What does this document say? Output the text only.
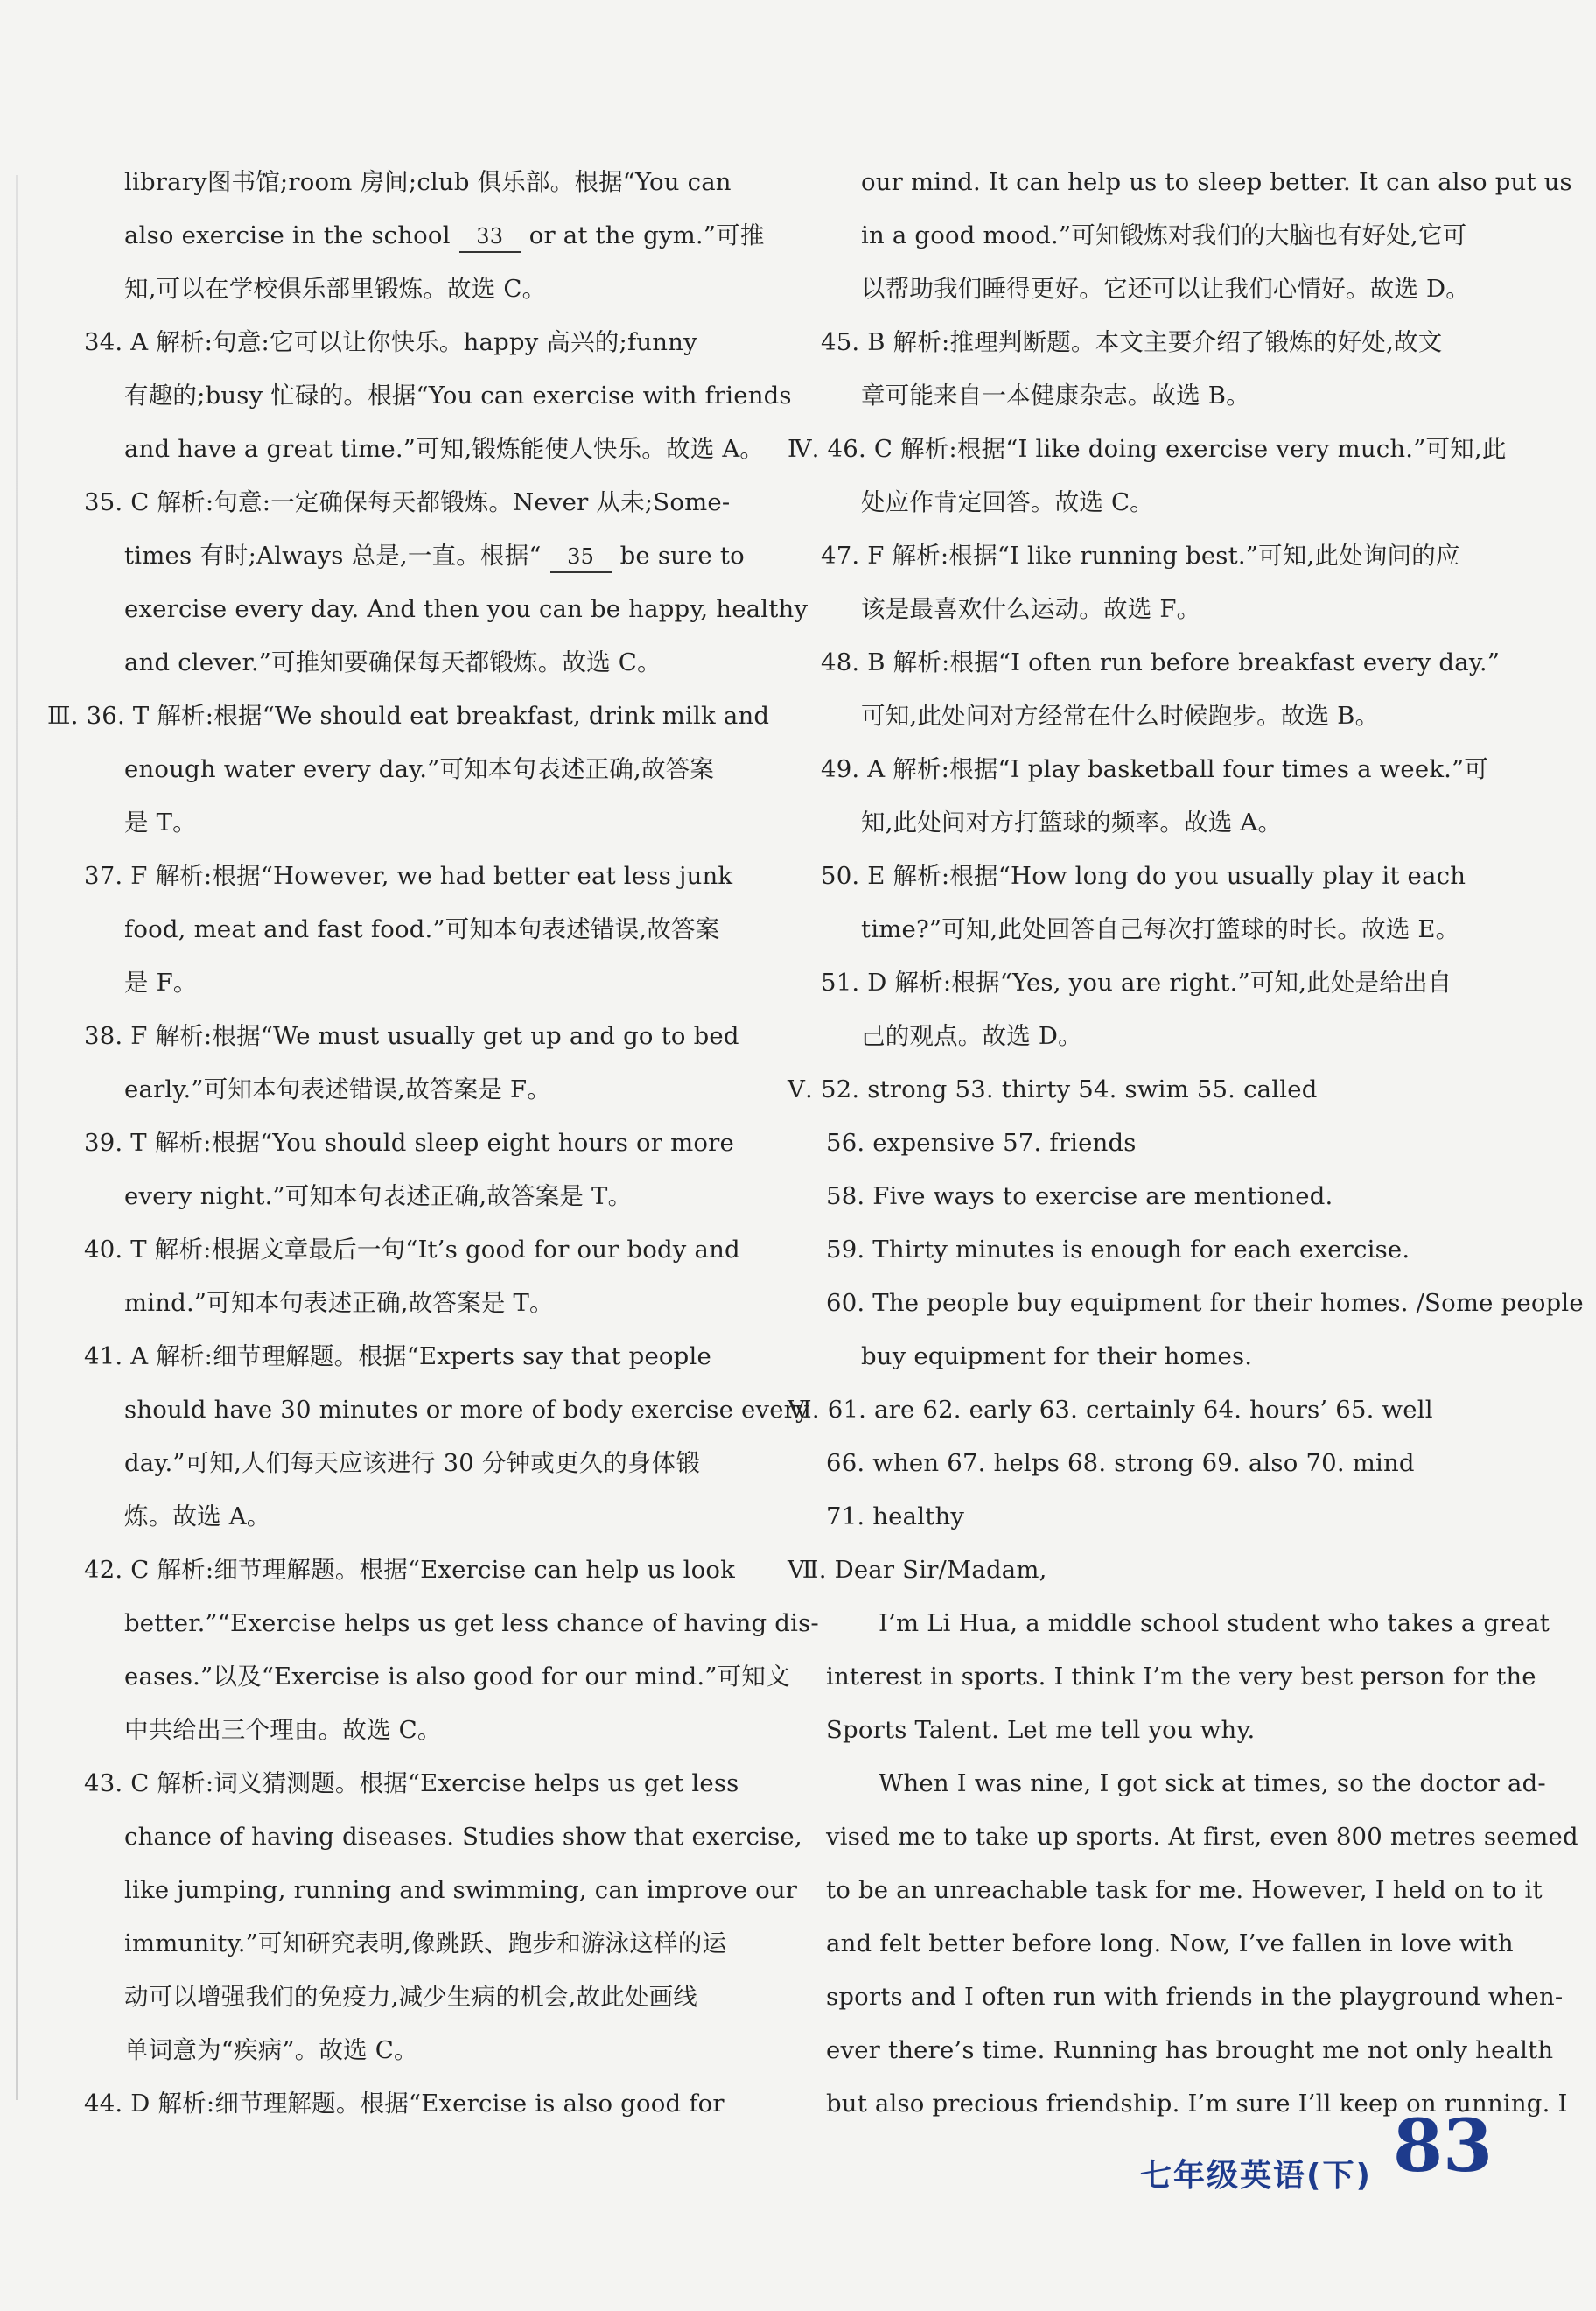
library图书馆;room 房间;club 俱乐部。根据“You can
also exercise in the school 33 or at the gym.”可推
知,可以在学校俱乐部里锻炼。故选 C。
34. A 解析:句意:它可以让你快乐。happy 高兴的;funny
有趣的;busy 忙碌的。根据“You can exercise with friends
and have a great time.”可知,锻炼能使人快乐。故选 A。
35. C 解析:句意:一定确保每天都锻炼。Never 从未;Some-
times 有时;Always 总是,一直。根据“ 35 be sure to
exercise every day. And then you can be happy, healthy
and clever.”可推知要确保每天都锻炼。故选 C。
Ⅲ. 36. T 解析:根据“We should eat breakfast, drink milk and
enough water every day.”可知本句表述正确,故答案
是 T。
37. F 解析:根据“However, we had better eat less junk
food, meat and fast food.”可知本句表述错误,故答案
是 F。
38. F 解析:根据“We must usually get up and go to bed
early.”可知本句表述错误,故答案是 F。
39. T 解析:根据“You should sleep eight hours or more
every night.”可知本句表述正确,故答案是 T。
40. T 解析:根据文章最后一句“It’s good for our body and
mind.”可知本句表述正确,故答案是 T。
41. A 解析:细节理解题。根据“Experts say that people
should have 30 minutes or more of body exercise every
day.”可知,人们每天应该进行 30 分钟或更久的身体锻
炼。故选 A。
42. C 解析:细节理解题。根据“Exercise can help us look
better.”“Exercise helps us get less chance of having dis-
eases.”以及“Exercise is also good for our mind.”可知文
中共给出三个理由。故选 C。
43. C 解析:词义猜测题。根据“Exercise helps us get less
chance of having diseases. Studies show that exercise,
like jumping, running and swimming, can improve our
immunity.”可知研究表明,像跳跃、跑步和游泳这样的运
动可以增强我们的免疫力,减少生病的机会,故此处画线
单词意为“疾病”。故选 C。
44. D 解析:细节理解题。根据“Exercise is also good for
our mind. It can help us to sleep better. It can also put us
in a good mood.”可知锻炼对我们的大脑也有好处,它可
以帮助我们睡得更好。它还可以让我们心情好。故选 D。
45. B 解析:推理判断题。本文主要介绍了锻炼的好处,故文
章可能来自一本健康杂志。故选 B。
Ⅳ. 46. C 解析:根据“I like doing exercise very much.”可知,此
处应作肯定回答。故选 C。
47. F 解析:根据“I like running best.”可知,此处询问的应
该是最喜欢什么运动。故选 F。
48. B 解析:根据“I often run before breakfast every day.”
可知,此处问对方经常在什么时候跑步。故选 B。
49. A 解析:根据“I play basketball four times a week.”可
知,此处问对方打篮球的频率。故选 A。
50. E 解析:根据“How long do you usually play it each
time?”可知,此处回答自己每次打篮球的时长。故选 E。
51. D 解析:根据“Yes, you are right.”可知,此处是给出自
己的观点。故选 D。
Ⅴ. 52. strong 53. thirty 54. swim 55. called
56. expensive 57. friends
58. Five ways to exercise are mentioned.
59. Thirty minutes is enough for each exercise.
60. The people buy equipment for their homes. /Some people
buy equipment for their homes.
Ⅵ. 61. are 62. early 63. certainly 64. hours’ 65. well
66. when 67. helps 68. strong 69. also 70. mind
71. healthy
Ⅶ. Dear Sir/Madam,
I’m Li Hua, a middle school student who takes a great
interest in sports. I think I’m the very best person for the
Sports Talent. Let me tell you why.
When I was nine, I got sick at times, so the doctor ad-
vised me to take up sports. At first, even 800 metres seemed
to be an unreachable task for me. However, I held on to it
and felt better before long. Now, I’ve fallen in love with
sports and I often run with friends in the playground when-
ever there’s time. Running has brought me not only health
but also precious friendship. I’m sure I’ll keep on running. I
七年级英语(下) 83
